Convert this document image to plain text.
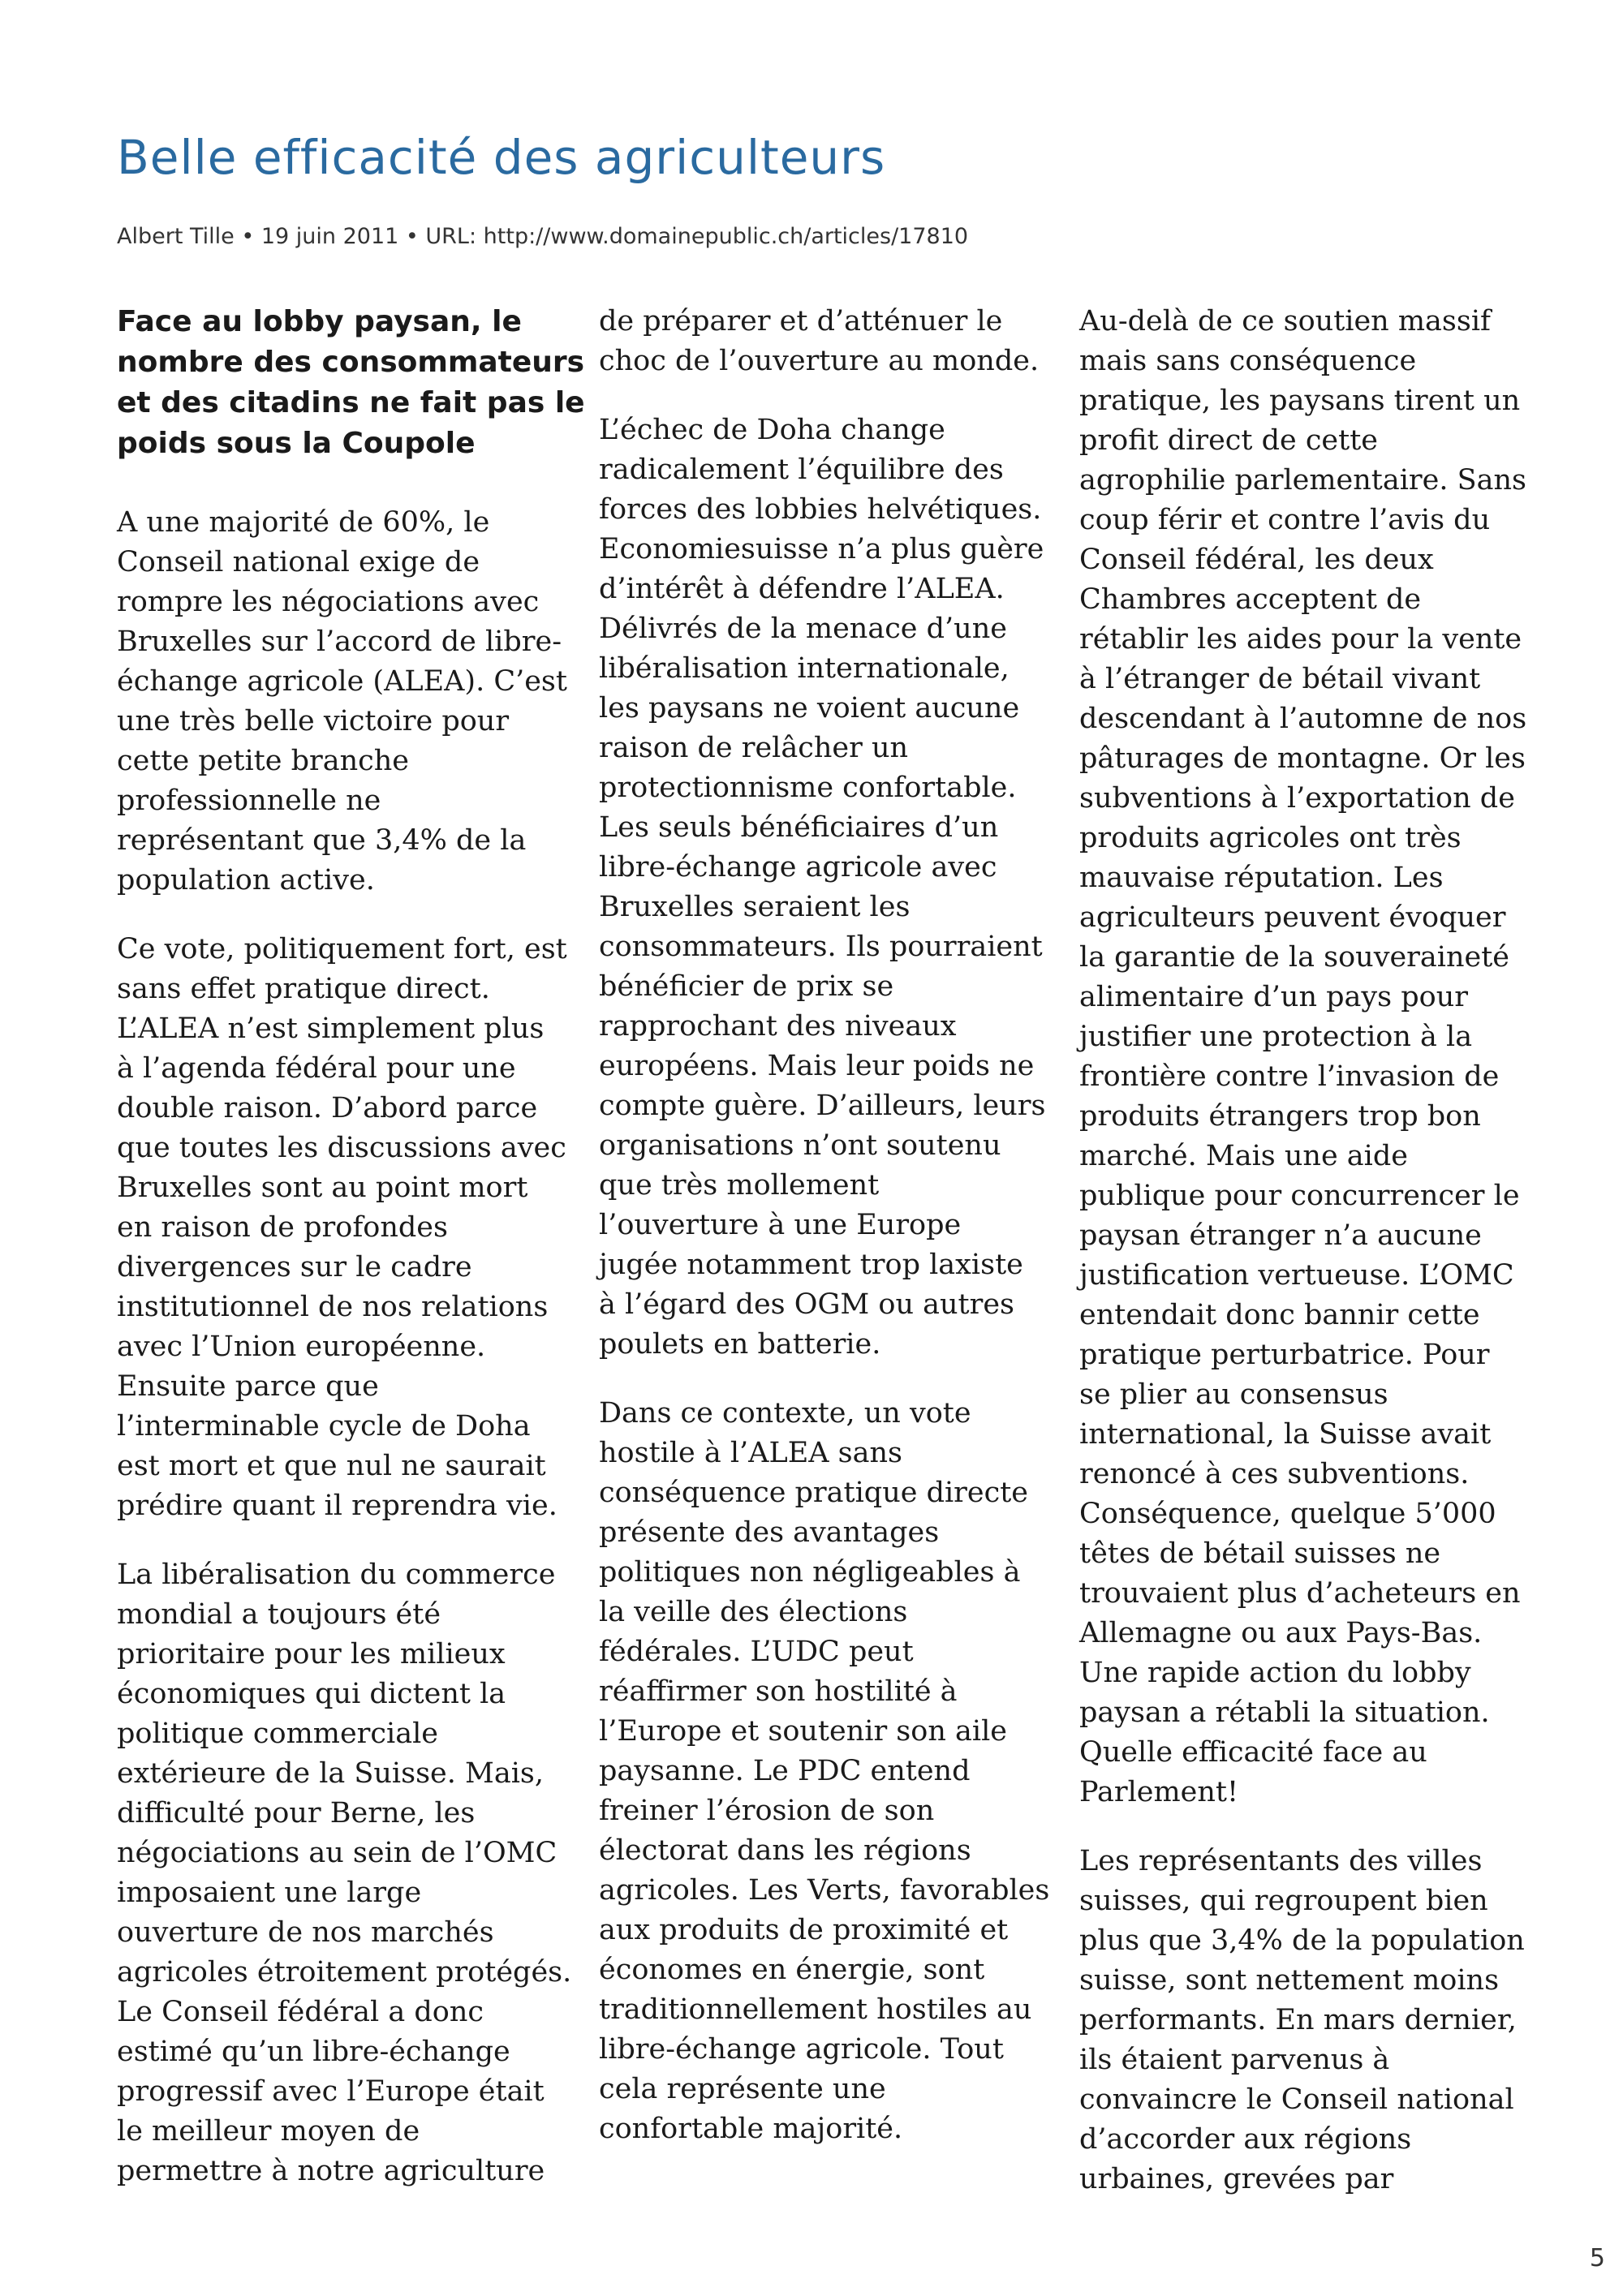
Belle efficacité des agriculteurs
Albert Tille • 19 juin 2011 • URL: http://www.domainepublic.ch/articles/17810

Face au lobby paysan, le
nombre des consommateurs
et des citadins ne fait pas le
poids sous la Coupole

A une majorité de 60%, le
Conseil national exige de
rompre les négociations avec
Bruxelles sur l’accord de libre-
échange agricole (ALEA). C’est
une très belle victoire pour
cette petite branche
professionnelle ne
représentant que 3,4% de la
population active.

Ce vote, politiquement fort, est
sans effet pratique direct.
L’ALEA n’est simplement plus
à l’agenda fédéral pour une
double raison. D’abord parce
que toutes les discussions avec
Bruxelles sont au point mort
en raison de profondes
divergences sur le cadre
institutionnel de nos relations
avec l’Union européenne.
Ensuite parce que
l’interminable cycle de Doha
est mort et que nul ne saurait
prédire quant il reprendra vie.

La libéralisation du commerce
mondial a toujours été
prioritaire pour les milieux
économiques qui dictent la
politique commerciale
extérieure de la Suisse. Mais,
difficulté pour Berne, les
négociations au sein de l’OMC
imposaient une large
ouverture de nos marchés
agricoles étroitement protégés.
Le Conseil fédéral a donc
estimé qu’un libre-échange
progressif avec l’Europe était
le meilleur moyen de
permettre à notre agriculture

de préparer et d’atténuer le
choc de l’ouverture au monde.

L’échec de Doha change
radicalement l’équilibre des
forces des lobbies helvétiques.
Economiesuisse n’a plus guère
d’intérêt à défendre l’ALEA.
Délivrés de la menace d’une
libéralisation internationale,
les paysans ne voient aucune
raison de relâcher un
protectionnisme confortable.
Les seuls bénéficiaires d’un
libre-échange agricole avec
Bruxelles seraient les
consommateurs. Ils pourraient
bénéficier de prix se
rapprochant des niveaux
européens. Mais leur poids ne
compte guère. D’ailleurs, leurs
organisations n’ont soutenu
que très mollement
l’ouverture à une Europe
jugée notamment trop laxiste
à l’égard des OGM ou autres
poulets en batterie.

Dans ce contexte, un vote
hostile à l’ALEA sans
conséquence pratique directe
présente des avantages
politiques non négligeables à
la veille des élections
fédérales. L’UDC peut
réaffirmer son hostilité à
l’Europe et soutenir son aile
paysanne. Le PDC entend
freiner l’érosion de son
électorat dans les régions
agricoles. Les Verts, favorables
aux produits de proximité et
économes en énergie, sont
traditionnellement hostiles au
libre-échange agricole. Tout
cela représente une
confortable majorité.

Au-delà de ce soutien massif
mais sans conséquence
pratique, les paysans tirent un
profit direct de cette
agrophilie parlementaire. Sans
coup férir et contre l’avis du
Conseil fédéral, les deux
Chambres acceptent de
rétablir les aides pour la vente
à l’étranger de bétail vivant
descendant à l’automne de nos
pâturages de montagne. Or les
subventions à l’exportation de
produits agricoles ont très
mauvaise réputation. Les
agriculteurs peuvent évoquer
la garantie de la souveraineté
alimentaire d’un pays pour
justifier une protection à la
frontière contre l’invasion de
produits étrangers trop bon
marché. Mais une aide
publique pour concurrencer le
paysan étranger n’a aucune
justification vertueuse. L’OMC
entendait donc bannir cette
pratique perturbatrice. Pour
se plier au consensus
international, la Suisse avait
renoncé à ces subventions.
Conséquence, quelque 5’000
têtes de bétail suisses ne
trouvaient plus d’acheteurs en
Allemagne ou aux Pays-Bas.
Une rapide action du lobby
paysan a rétabli la situation.
Quelle efficacité face au
Parlement!

Les représentants des villes
suisses, qui regroupent bien
plus que 3,4% de la population
suisse, sont nettement moins
performants. En mars dernier,
ils étaient parvenus à
convaincre le Conseil national
d’accorder aux régions
urbaines, grevées par

5
